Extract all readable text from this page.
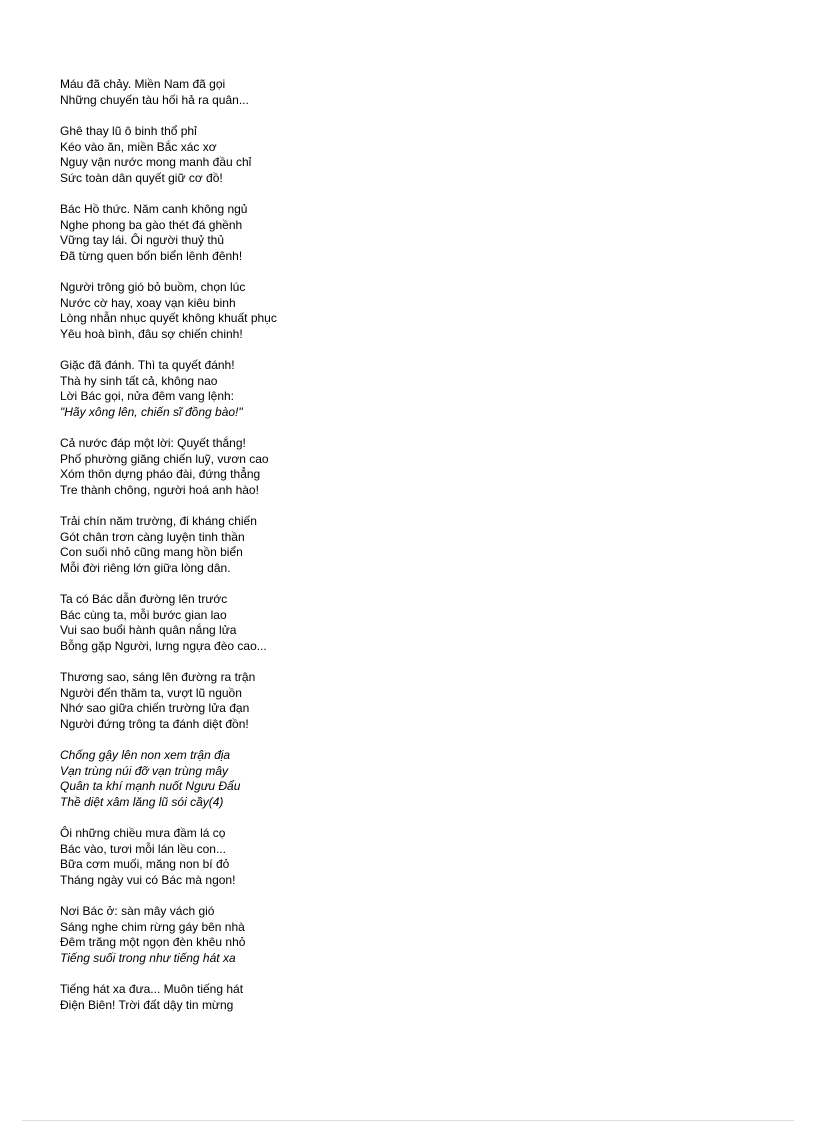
Máu đã chảy. Miền Nam đã gọi
Những chuyến tàu hối hả ra quân...
Ghê thay lũ ô binh thổ phỉ
Kéo vào ăn, miền Bắc xác xơ
Nguy vận nước mong manh đầu chỉ
Sức toàn dân quyết giữ cơ đồ!
Bác Hồ thức. Năm canh không ngủ
Nghe phong ba gào thét đá ghềnh
Vững tay lái. Ôi người thuỷ thủ
Đã từng quen bốn biển lênh đênh!
Người trông gió bỏ buồm, chọn lúc
Nước cờ hay, xoay vạn kiêu binh
Lòng nhẫn nhục quyết không khuất phục
Yêu hoà bình, đâu sợ chiến chinh!
Giặc đã đánh. Thì ta quyết đánh!
Thà hy sinh tất cả, không nao
Lời Bác gọi, nửa đêm vang lệnh:
"Hãy xông lên, chiến sĩ đồng bào!"
Cả nước đáp một lời: Quyết thắng!
Phố phường giăng chiến luỹ, vươn cao
Xóm thôn dựng pháo đài, đứng thẳng
Tre thành chông, người hoá anh hào!
Trải chín năm trường, đi kháng chiến
Gót chân trơn càng luyện tinh thần
Con suối nhỏ cũng mang hồn biển
Mỗi đời riêng lớn giữa lòng dân.
Ta có Bác dẫn đường lên trước
Bác cùng ta, mỗi bước gian lao
Vui sao buổi hành quân nắng lửa
Bỗng gặp Người, lưng ngựa đèo cao...
Thương sao, sáng lên đường ra trận
Người đến thăm ta, vượt lũ nguồn
Nhớ sao giữa chiến trường lửa đạn
Người đứng trông ta đánh diệt đồn!
Chống gậy lên non xem trận địa
Vạn trùng núi đỡ vạn trùng mây
Quân ta khí mạnh nuốt Ngưu Đẩu
Thề diệt xâm lăng lũ sói cầy(4)
Ôi những chiều mưa đầm lá cọ
Bác vào, tươi mỗi lán lều con...
Bữa cơm muối, măng non bí đỏ
Tháng ngày vui có Bác mà ngon!
Nơi Bác ở: sàn mây vách gió
Sáng nghe chim rừng gáy bên nhà
Đêm trăng một ngọn đèn khêu nhỏ
Tiếng suối trong như tiếng hát xa
Tiếng hát xa đưa... Muôn tiếng hát
Điện Biên! Trời đất dậy tin mừng
